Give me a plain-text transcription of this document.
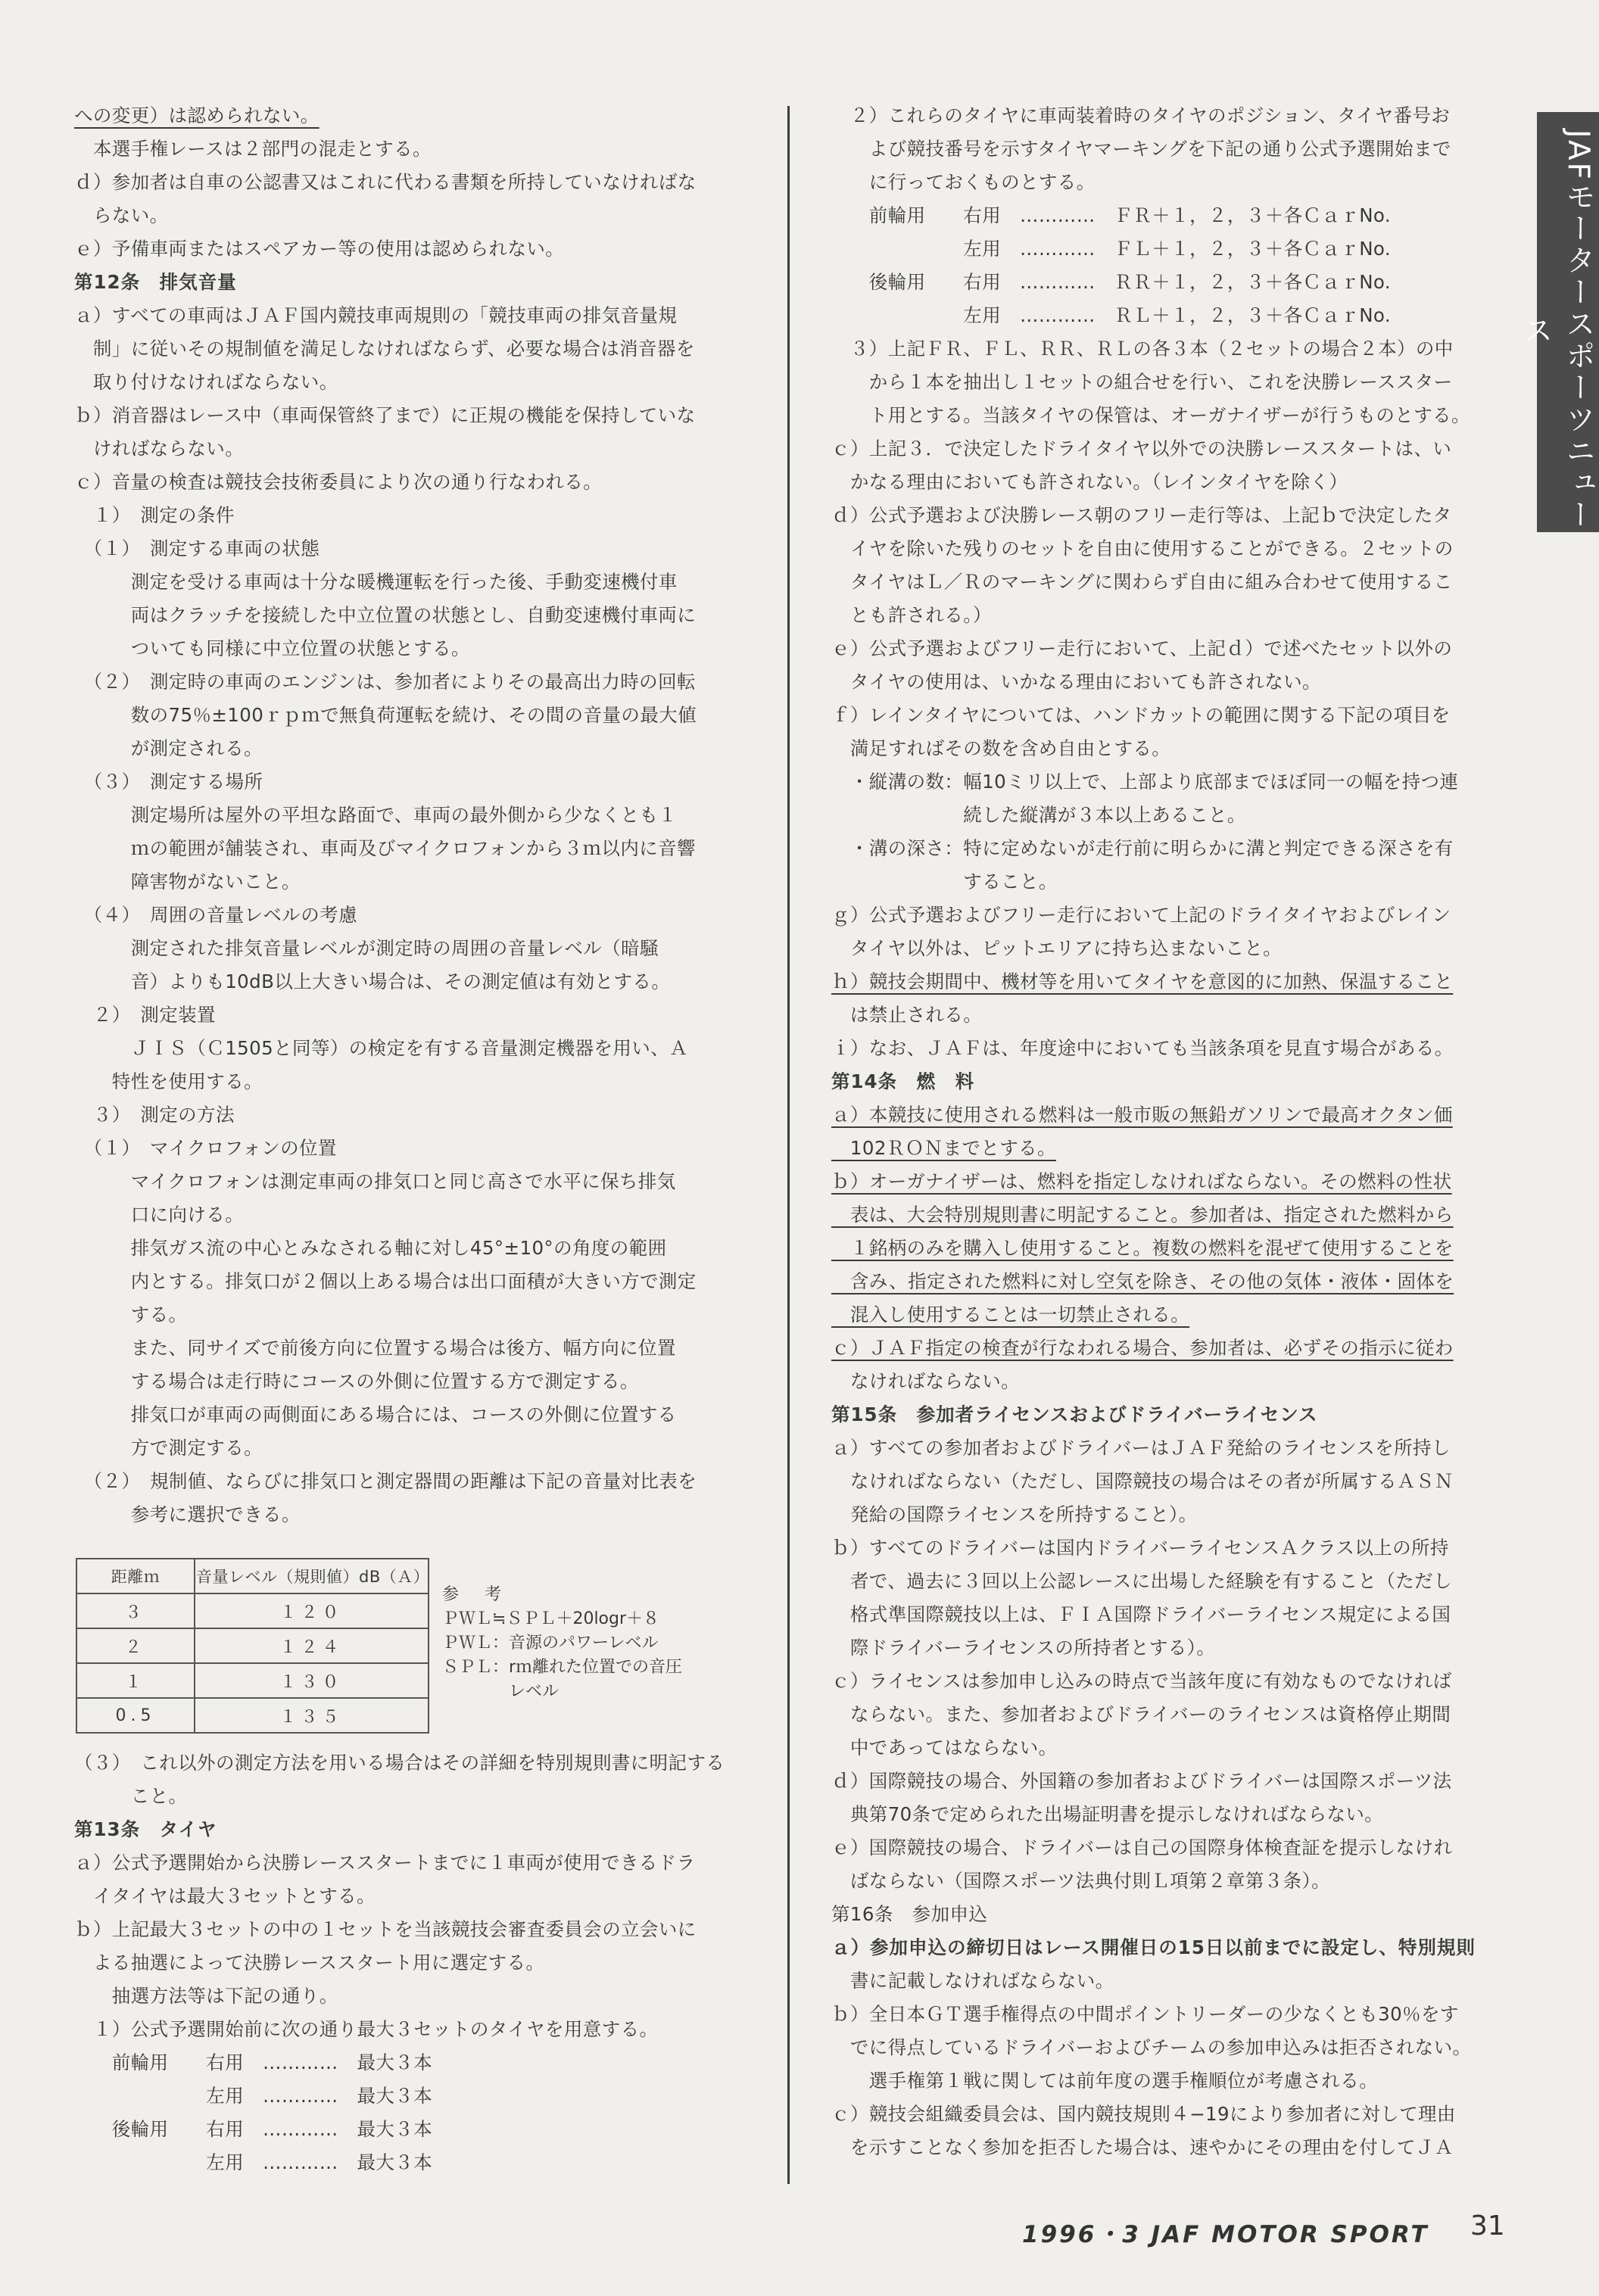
JAFモータースポーツニュース
への変更）は認められない。
　本選手権レースは２部門の混走とする。
ｄ）参加者は自車の公認書又はこれに代わる書類を所持していなければな
　らない。
ｅ）予備車両またはスペアカー等の使用は認められない。
第12条　排気音量
ａ）すべての車両はＪＡＦ国内競技車両規則の「競技車両の排気音量規
　制」に従いその規制値を満足しなければならず、必要な場合は消音器を
　取り付けなければならない。
ｂ）消音器はレース中（車両保管終了まで）に正規の機能を保持していな
　ければならない。
ｃ）音量の検査は競技会技術委員により次の通り行なわれる。
　１）　測定の条件
　（１）　測定する車両の状態
　　　測定を受ける車両は十分な暖機運転を行った後、手動変速機付車
　　　両はクラッチを接続した中立位置の状態とし、自動変速機付車両に
　　　ついても同様に中立位置の状態とする。
　（２）　測定時の車両のエンジンは、参加者によりその最高出力時の回転
　　　数の75％±100ｒｐｍで無負荷運転を続け、その間の音量の最大値
　　　が測定される。
　（３）　測定する場所
　　　測定場所は屋外の平坦な路面で、車両の最外側から少なくとも１
　　　ｍの範囲が舗装され、車両及びマイクロフォンから３ｍ以内に音響
　　　障害物がないこと。
　（４）　周囲の音量レベルの考慮
　　　測定された排気音量レベルが測定時の周囲の音量レベル（暗騒
　　　音）よりも10dB以上大きい場合は、その測定値は有効とする。
　２）　測定装置
　　　ＪＩＳ（Ｃ1505と同等）の検定を有する音量測定機器を用い、Ａ
　　特性を使用する。
　３）　測定の方法
　（１）　マイクロフォンの位置
　　　マイクロフォンは測定車両の排気口と同じ高さで水平に保ち排気
　　　口に向ける。
　　　排気ガス流の中心とみなされる軸に対し45°±10°の角度の範囲
　　　内とする。排気口が２個以上ある場合は出口面積が大きい方で測定
　　　する。
　　　また、同サイズで前後方向に位置する場合は後方、幅方向に位置
　　　する場合は走行時にコースの外側に位置する方で測定する。
　　　排気口が車両の両側面にある場合には、コースの外側に位置する
　　　方で測定する。
　（２）　規制値、ならびに排気口と測定器間の距離は下記の音量対比表を
　　　参考に選択できる。
（３）　これ以外の測定方法を用いる場合はその詳細を特別規則書に明記する
　　　こと。
第13条　タイヤ
ａ）公式予選開始から決勝レーススタートまでに１車両が使用できるドラ
　イタイヤは最大３セットとする。
ｂ）上記最大３セットの中の１セットを当該競技会審査委員会の立会いに
　よる抽選によって決勝レーススタート用に選定する。
　　抽選方法等は下記の通り。
　１）公式予選開始前に次の通り最大３セットのタイヤを用意する。
　　前輪用　　右用　…………　最大３本
　　　　　　　左用　…………　最大３本
　　後輪用　　右用　…………　最大３本
　　　　　　　左用　…………　最大３本
距離ｍ	音量レベル（規則値）dB（Ａ）
３	１２０
２	１２４
１	１３０
0.5	１３５
参　考
ＰＷＬ≒ＳＰＬ＋20logr＋８
ＰＷＬ：音源のパワーレベル
ＳＰＬ：rｍ離れた位置での音圧
　　　　レベル
　２）これらのタイヤに車両装着時のタイヤのポジション、タイヤ番号お
　　よび競技番号を示すタイヤマーキングを下記の通り公式予選開始まで
　　に行っておくものとする。
　　前輪用　　右用　…………　ＦＲ＋１，２，３＋各ＣａｒNo.
　　　　　　　左用　…………　ＦＬ＋１，２，３＋各ＣａｒNo.
　　後輪用　　右用　…………　ＲＲ＋１，２，３＋各ＣａｒNo.
　　　　　　　左用　…………　ＲＬ＋１，２，３＋各ＣａｒNo.
　３）上記ＦＲ、ＦＬ、ＲＲ、ＲＬの各３本（２セットの場合２本）の中
　　から１本を抽出し１セットの組合せを行い、これを決勝レーススター
　　ト用とする。当該タイヤの保管は、オーガナイザーが行うものとする。
ｃ）上記３．で決定したドライタイヤ以外での決勝レーススタートは、い
　かなる理由においても許されない。（レインタイヤを除く）
ｄ）公式予選および決勝レース朝のフリー走行等は、上記ｂで決定したタ
　イヤを除いた残りのセットを自由に使用することができる。２セットの
　タイヤはＬ／Ｒのマーキングに関わらず自由に組み合わせて使用するこ
　とも許される。）
ｅ）公式予選およびフリー走行において、上記ｄ）で述べたセット以外の
　タイヤの使用は、いかなる理由においても許されない。
ｆ）レインタイヤについては、ハンドカットの範囲に関する下記の項目を
　満足すればその数を含め自由とする。
　・縦溝の数：幅10ミリ以上で、上部より底部までほぼ同一の幅を持つ連
　　　　　　　続した縦溝が３本以上あること。
　・溝の深さ：特に定めないが走行前に明らかに溝と判定できる深さを有
　　　　　　　すること。
ｇ）公式予選およびフリー走行において上記のドライタイヤおよびレイン
　タイヤ以外は、ピットエリアに持ち込まないこと。
ｈ）競技会期間中、機材等を用いてタイヤを意図的に加熱、保温すること
　は禁止される。
ｉ）なお、ＪＡＦは、年度途中においても当該条項を見直す場合がある。
第14条　燃　料
ａ）本競技に使用される燃料は一般市販の無鉛ガソリンで最高オクタン価
　102ＲＯＮまでとする。
ｂ）オーガナイザーは、燃料を指定しなければならない。その燃料の性状
　表は、大会特別規則書に明記すること。参加者は、指定された燃料から
　１銘柄のみを購入し使用すること。複数の燃料を混ぜて使用することを
　含み、指定された燃料に対し空気を除き、その他の気体・液体・固体を
　混入し使用することは一切禁止される。
ｃ）ＪＡＦ指定の検査が行なわれる場合、参加者は、必ずその指示に従わ
　なければならない。
第15条　参加者ライセンスおよびドライバーライセンス
ａ）すべての参加者およびドライバーはＪＡＦ発給のライセンスを所持し
　なければならない（ただし、国際競技の場合はその者が所属するＡＳＮ
　発給の国際ライセンスを所持すること）。
ｂ）すべてのドライバーは国内ドライバーライセンスＡクラス以上の所持
　者で、過去に３回以上公認レースに出場した経験を有すること（ただし
　格式準国際競技以上は、ＦＩＡ国際ドライバーライセンス規定による国
　際ドライバーライセンスの所持者とする）。
ｃ）ライセンスは参加申し込みの時点で当該年度に有効なものでなければ
　ならない。また、参加者およびドライバーのライセンスは資格停止期間
　中であってはならない。
ｄ）国際競技の場合、外国籍の参加者およびドライバーは国際スポーツ法
　典第70条で定められた出場証明書を提示しなければならない。
ｅ）国際競技の場合、ドライバーは自己の国際身体検査証を提示しなけれ
　ばならない（国際スポーツ法典付則Ｌ項第２章第３条）。
第16条　参加申込
ａ）参加申込の締切日はレース開催日の15日以前までに設定し、特別規則
　書に記載しなければならない。
ｂ）全日本ＧＴ選手権得点の中間ポイントリーダーの少なくとも30％をす
　でに得点しているドライバーおよびチームの参加申込みは拒否されない。
　　選手権第１戦に関しては前年度の選手権順位が考慮される。
ｃ）競技会組織委員会は、国内競技規則４−19により参加者に対して理由
　を示すことなく参加を拒否した場合は、速やかにその理由を付してＪＡ
1996・3 JAF MOTOR SPORT 31
